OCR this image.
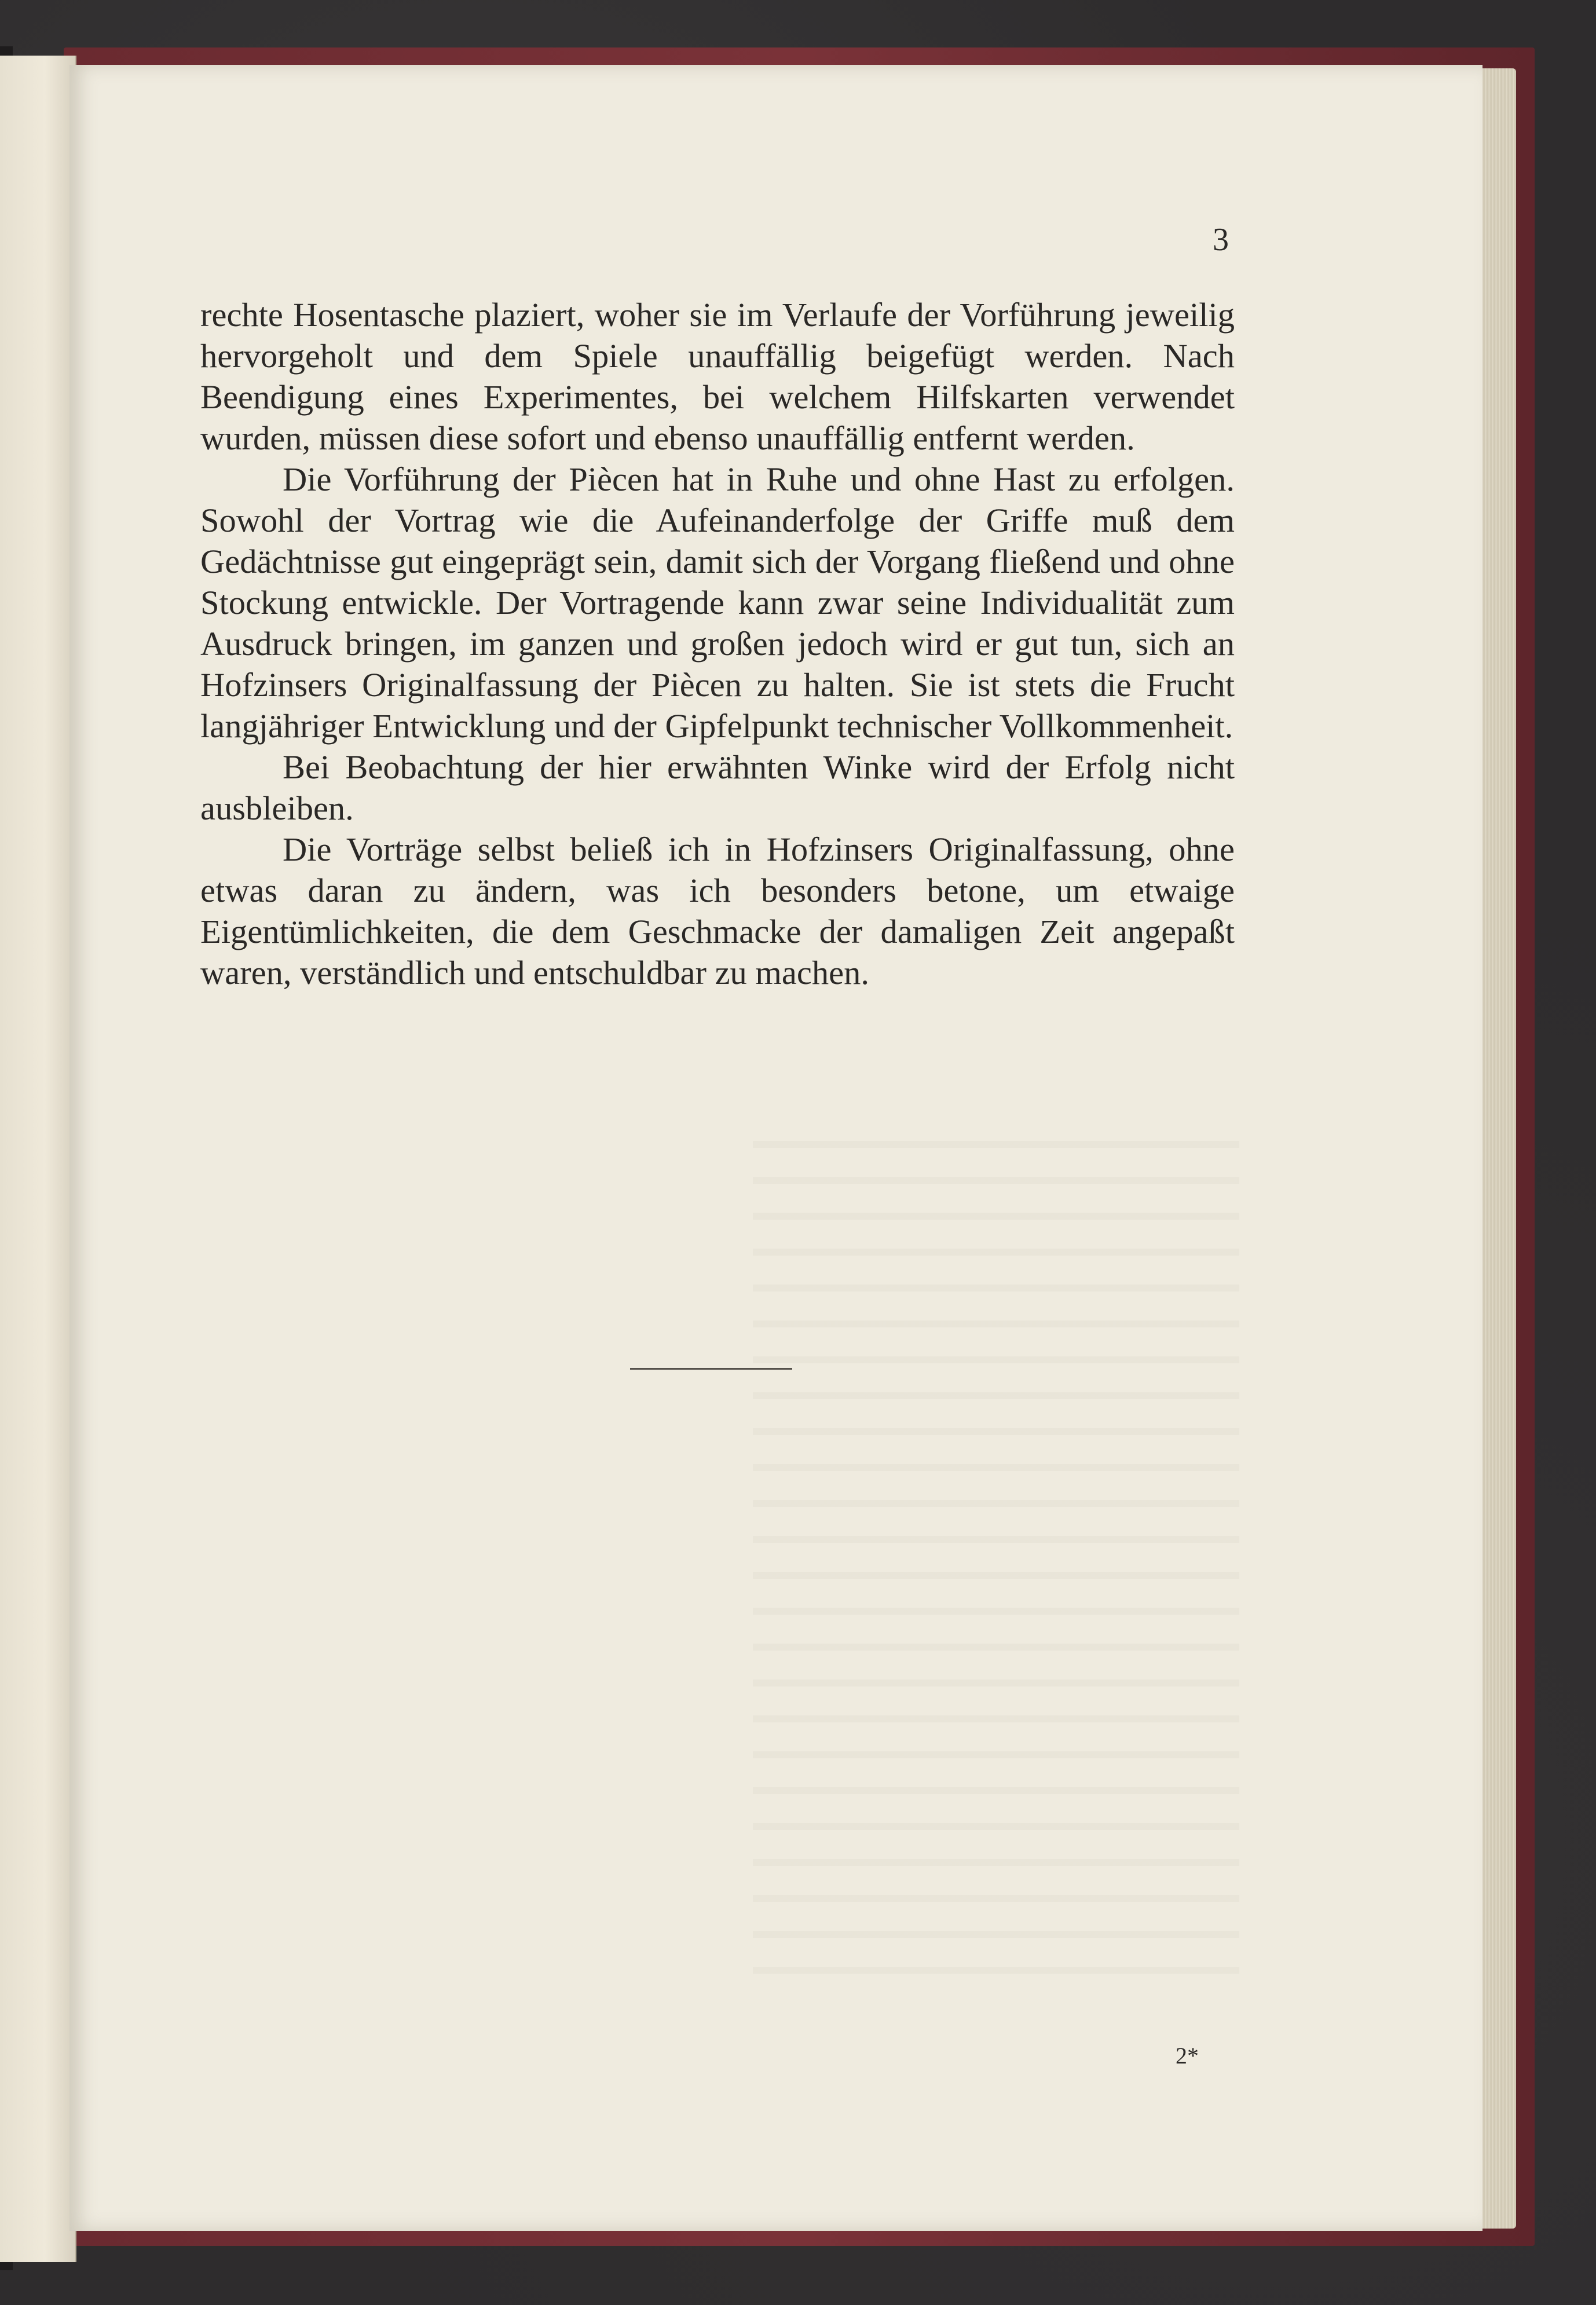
3

rechte Hosentasche plaziert, woher sie im Verlaufe der Vorführung jeweilig hervorgeholt und dem Spiele unauffällig beigefügt werden. Nach Beendigung eines Experimentes, bei welchem Hilfskarten verwendet wurden, müssen diese sofort und ebenso unauffällig entfernt werden.

Die Vorführung der Piècen hat in Ruhe und ohne Hast zu erfolgen. Sowohl der Vortrag wie die Aufeinanderfolge der Griffe muß dem Gedächtnisse gut eingeprägt sein, damit sich der Vorgang fließend und ohne Stockung entwickle. Der Vortragende kann zwar seine Individualität zum Ausdruck bringen, im ganzen und großen jedoch wird er gut tun, sich an Hofzinsers Originalfassung der Piècen zu halten. Sie ist stets die Frucht langjähriger Entwicklung und der Gipfelpunkt technischer Vollkommenheit.

Bei Beobachtung der hier erwähnten Winke wird der Erfolg nicht ausbleiben.

Die Vorträge selbst beließ ich in Hofzinsers Originalfassung, ohne etwas daran zu ändern, was ich besonders betone, um etwaige Eigentümlichkeiten, die dem Geschmacke der damaligen Zeit angepaßt waren, verständlich und entschuldbar zu machen.

2*
